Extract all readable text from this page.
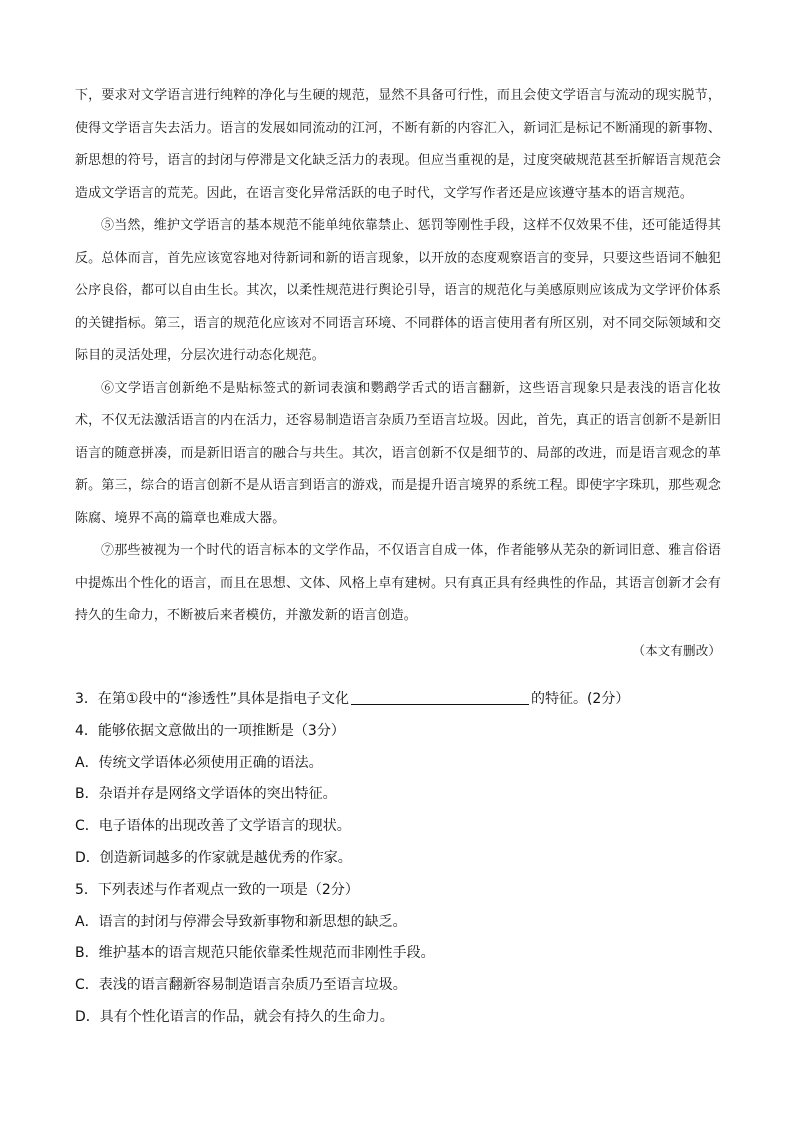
下，要求对文学语言进行纯粹的净化与生硬的规范，显然不具备可行性，而且会使文学语言与流动的现实脱节，使得文学语言失去活力。语言的发展如同流动的江河，不断有新的内容汇入，新词汇是标记不断涌现的新事物、新思想的符号，语言的封闭与停滞是文化缺乏活力的表现。但应当重视的是，过度突破规范甚至折解语言规范会造成文学语言的荒芜。因此，在语言变化异常活跃的电子时代，文学写作者还是应该遵守基本的语言规范。

⑤当然，维护文学语言的基本规范不能单纯依靠禁止、惩罚等刚性手段，这样不仅效果不佳，还可能适得其反。总体而言，首先应该宽容地对待新词和新的语言现象，以开放的态度观察语言的变异，只要这些语词不触犯公序良俗，都可以自由生长。其次，以柔性规范进行舆论引导，语言的规范化与美感原则应该成为文学评价体系的关键指标。第三，语言的规范化应该对不同语言环境、不同群体的语言使用者有所区别，对不同交际领域和交际目的灵活处理，分层次进行动态化规范。

⑥文学语言创新绝不是贴标签式的新词表演和鹦鹉学舌式的语言翻新，这些语言现象只是表浅的语言化妆术，不仅无法激活语言的内在活力，还容易制造语言杂质乃至语言垃圾。因此，首先，真正的语言创新不是新旧语言的随意拼凑，而是新旧语言的融合与共生。其次，语言创新不仅是细节的、局部的改进，而是语言观念的革新。第三，综合的语言创新不是从语言到语言的游戏，而是提升语言境界的系统工程。即使字字珠玑，那些观念陈腐、境界不高的篇章也难成大器。

⑦那些被视为一个时代的语言标本的文学作品，不仅语言自成一体，作者能够从芜杂的新词旧意、雅言俗语中提炼出个性化的语言，而且在思想、文体、风格上卓有建树。只有真正具有经典性的作品，其语言创新才会有持久的生命力，不断被后来者模仿，并激发新的语言创造。

（本文有删改）

3．在第①段中的“渗透性”具体是指电子文化	的特征。(2分）
4．能够依据文意做出的一项推断是（3分）
A．传统文学语体必须使用正确的语法。
B．杂语并存是网络文学语体的突出特征。
C．电子语体的出现改善了文学语言的现状。
D．创造新词越多的作家就是越优秀的作家。
5．下列表述与作者观点一致的一项是（2分）
A．语言的封闭与停滞会导致新事物和新思想的缺乏。
B．维护基本的语言规范只能依靠柔性规范而非刚性手段。
C．表浅的语言翻新容易制造语言杂质乃至语言垃圾。
D．具有个性化语言的作品，就会有持久的生命力。
